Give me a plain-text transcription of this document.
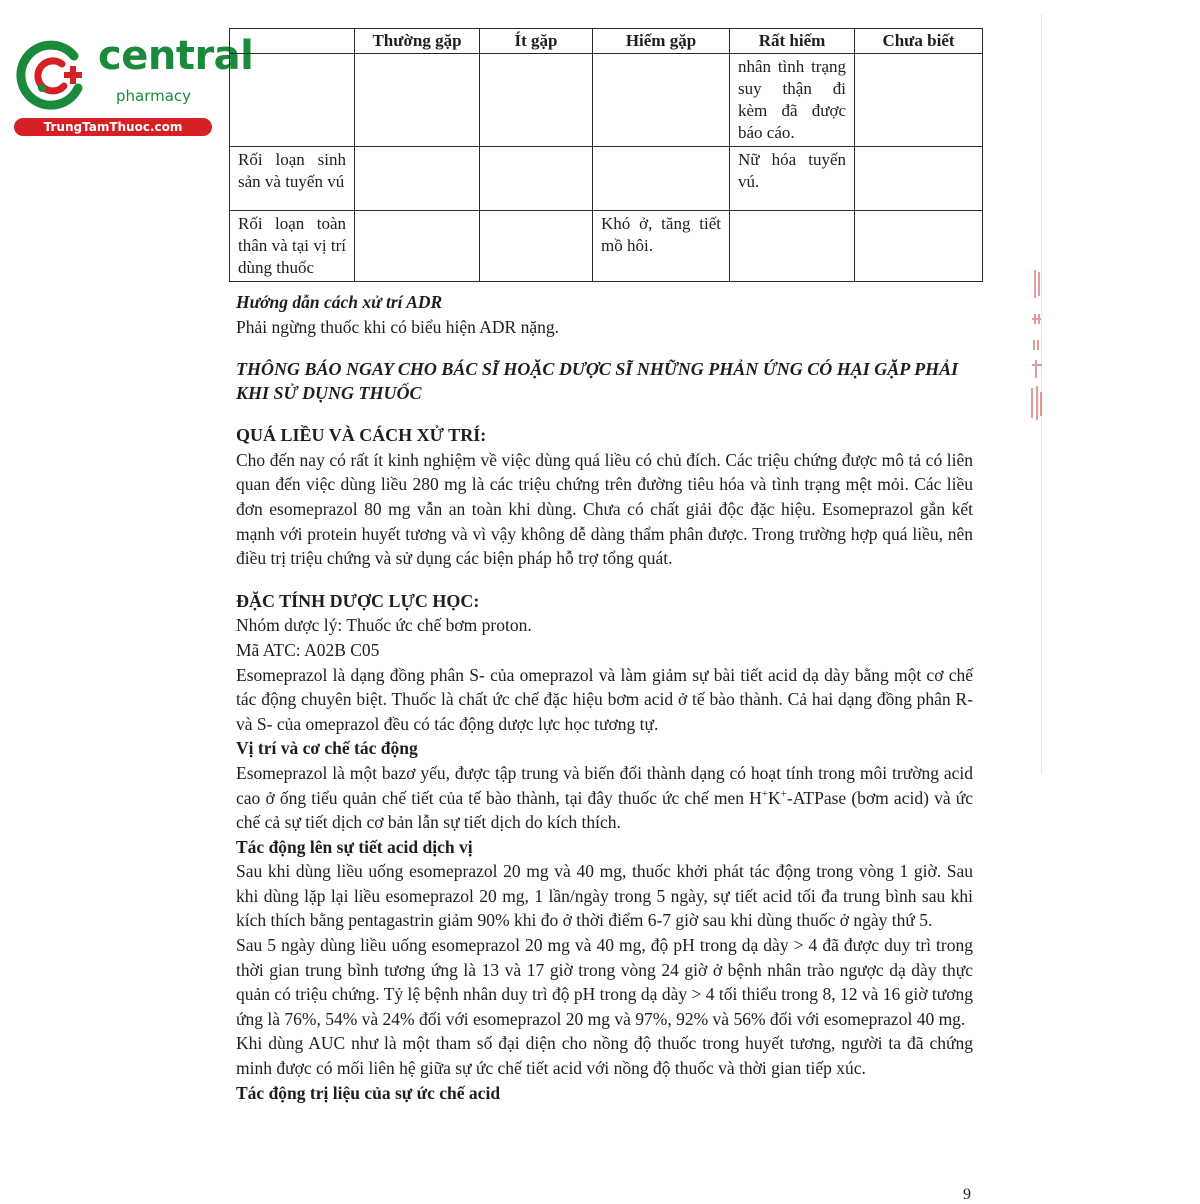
central
pharmacy
TrungTamThuoc.com
	Thường gặp	Ít gặp	Hiếm gặp	Rất hiếm	Chưa biết
				nhân tình trạng suy thận đi kèm đã được báo cáo.	
Rối loạn sinh sản và tuyến vú				Nữ hóa tuyến vú.	
Rối loạn toàn thân và tại vị trí dùng thuốc			Khó ở, tăng tiết mồ hôi.		

Hướng dẫn cách xử trí ADR

Phải ngừng thuốc khi có biểu hiện ADR nặng.

THÔNG BÁO NGAY CHO BÁC SĨ HOẶC DƯỢC SĨ NHỮNG PHẢN ỨNG CÓ HẠI GẶP PHẢI KHI SỬ DỤNG THUỐC

QUÁ LIỀU VÀ CÁCH XỬ TRÍ:

Cho đến nay có rất ít kinh nghiệm về việc dùng quá liều có chủ đích. Các triệu chứng được mô tả có liên quan đến việc dùng liều 280 mg là các triệu chứng trên đường tiêu hóa và tình trạng mệt mỏi. Các liều đơn esomeprazol 80 mg vẫn an toàn khi dùng. Chưa có chất giải độc đặc hiệu. Esomeprazol gắn kết mạnh với protein huyết tương và vì vậy không dễ dàng thẩm phân được. Trong trường hợp quá liều, nên điều trị triệu chứng và sử dụng các biện pháp hỗ trợ tổng quát.

ĐẶC TÍNH DƯỢC LỰC HỌC:

Nhóm dược lý: Thuốc ức chế bơm proton.

Mã ATC: A02B C05

Esomeprazol là dạng đồng phân S- của omeprazol và làm giảm sự bài tiết acid dạ dày bằng một cơ chế tác động chuyên biệt. Thuốc là chất ức chế đặc hiệu bơm acid ở tế bào thành. Cả hai dạng đồng phân R- và S- của omeprazol đều có tác động dược lực học tương tự.

Vị trí và cơ chế tác động

Esomeprazol là một bazơ yếu, được tập trung và biến đổi thành dạng có hoạt tính trong môi trường acid cao ở ống tiểu quản chế tiết của tế bào thành, tại đây thuốc ức chế men H+K+-ATPase (bơm acid) và ức chế cả sự tiết dịch cơ bản lẫn sự tiết dịch do kích thích.

Tác động lên sự tiết acid dịch vị

Sau khi dùng liều uống esomeprazol 20 mg và 40 mg, thuốc khởi phát tác động trong vòng 1 giờ. Sau khi dùng lặp lại liều esomeprazol 20 mg, 1 lần/ngày trong 5 ngày, sự tiết acid tối đa trung bình sau khi kích thích bằng pentagastrin giảm 90% khi đo ở thời điểm 6-7 giờ sau khi dùng thuốc ở ngày thứ 5.

Sau 5 ngày dùng liều uống esomeprazol 20 mg và 40 mg, độ pH trong dạ dày > 4 đã được duy trì trong thời gian trung bình tương ứng là 13 và 17 giờ trong vòng 24 giờ ở bệnh nhân trào ngược dạ dày thực quản có triệu chứng. Tỷ lệ bệnh nhân duy trì độ pH trong dạ dày > 4 tối thiểu trong 8, 12 và 16 giờ tương ứng là 76%, 54% và 24% đối với esomeprazol 20 mg và 97%, 92% và 56% đối với esomeprazol 40 mg.

Khi dùng AUC như là một tham số đại diện cho nồng độ thuốc trong huyết tương, người ta đã chứng minh được có mối liên hệ giữa sự ức chế tiết acid với nồng độ thuốc và thời gian tiếp xúc.

Tác động trị liệu của sự ức chế acid

9
